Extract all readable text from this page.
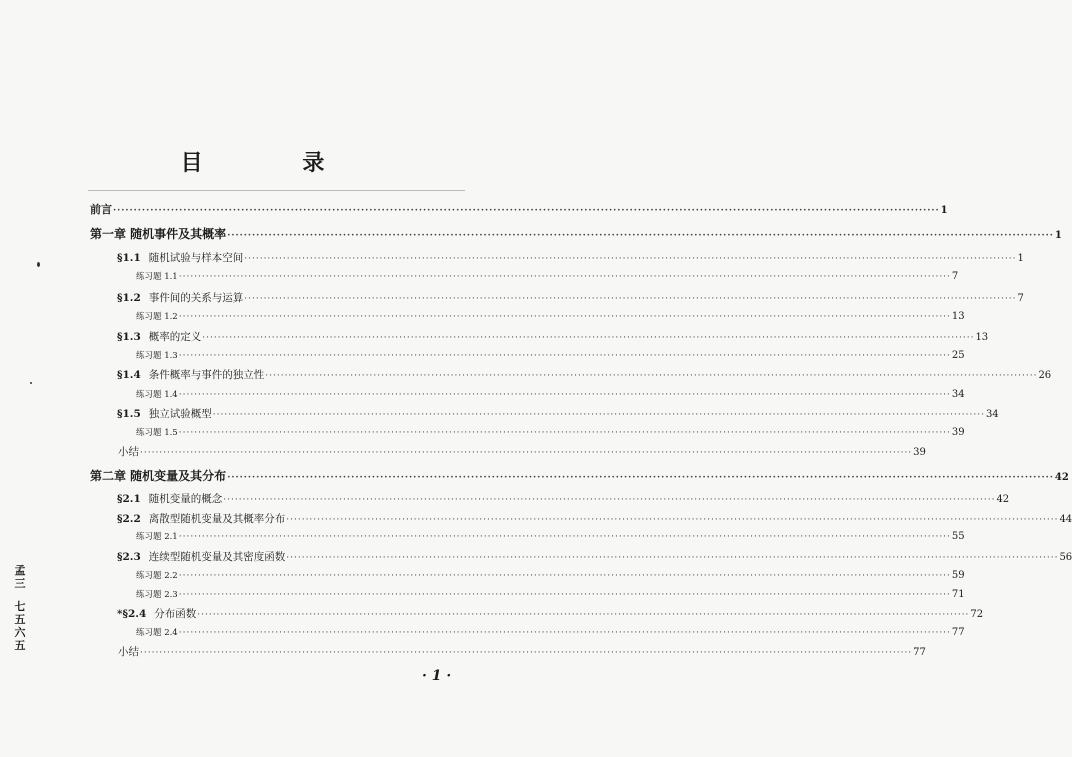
目 录
前言 ········································································································································································································ 1
第一章 随机事件及其概率 ········································································································································································································ 1
§1.1 随机试验与样本空间 ········································································································································································································ 1
练习题 1.1 ········································································································································································································ 7
§1.2 事件间的关系与运算 ········································································································································································································ 7
练习题 1.2 ········································································································································································································ 13
§1.3 概率的定义 ········································································································································································································ 13
练习题 1.3 ········································································································································································································ 25
§1.4 条件概率与事件的独立性 ········································································································································································································ 26
练习题 1.4 ········································································································································································································ 34
§1.5 独立试验概型 ········································································································································································································ 34
练习题 1.5 ········································································································································································································ 39
小结 ········································································································································································································ 39
第二章 随机变量及其分布 ········································································································································································································ 42
§2.1 随机变量的概念 ········································································································································································································ 42
§2.2 离散型随机变量及其概率分布 ········································································································································································································ 44
练习题 2.1 ········································································································································································································ 55
§2.3 连续型随机变量及其密度函数 ········································································································································································································ 56
练习题 2.2 ········································································································································································································ 59
练习题 2.3 ········································································································································································································ 71
*§2.4 分布函数 ········································································································································································································ 72
练习题 2.4 ········································································································································································································ 77
小结 ········································································································································································································ 77
孟三
七五六五
· 1 ·
